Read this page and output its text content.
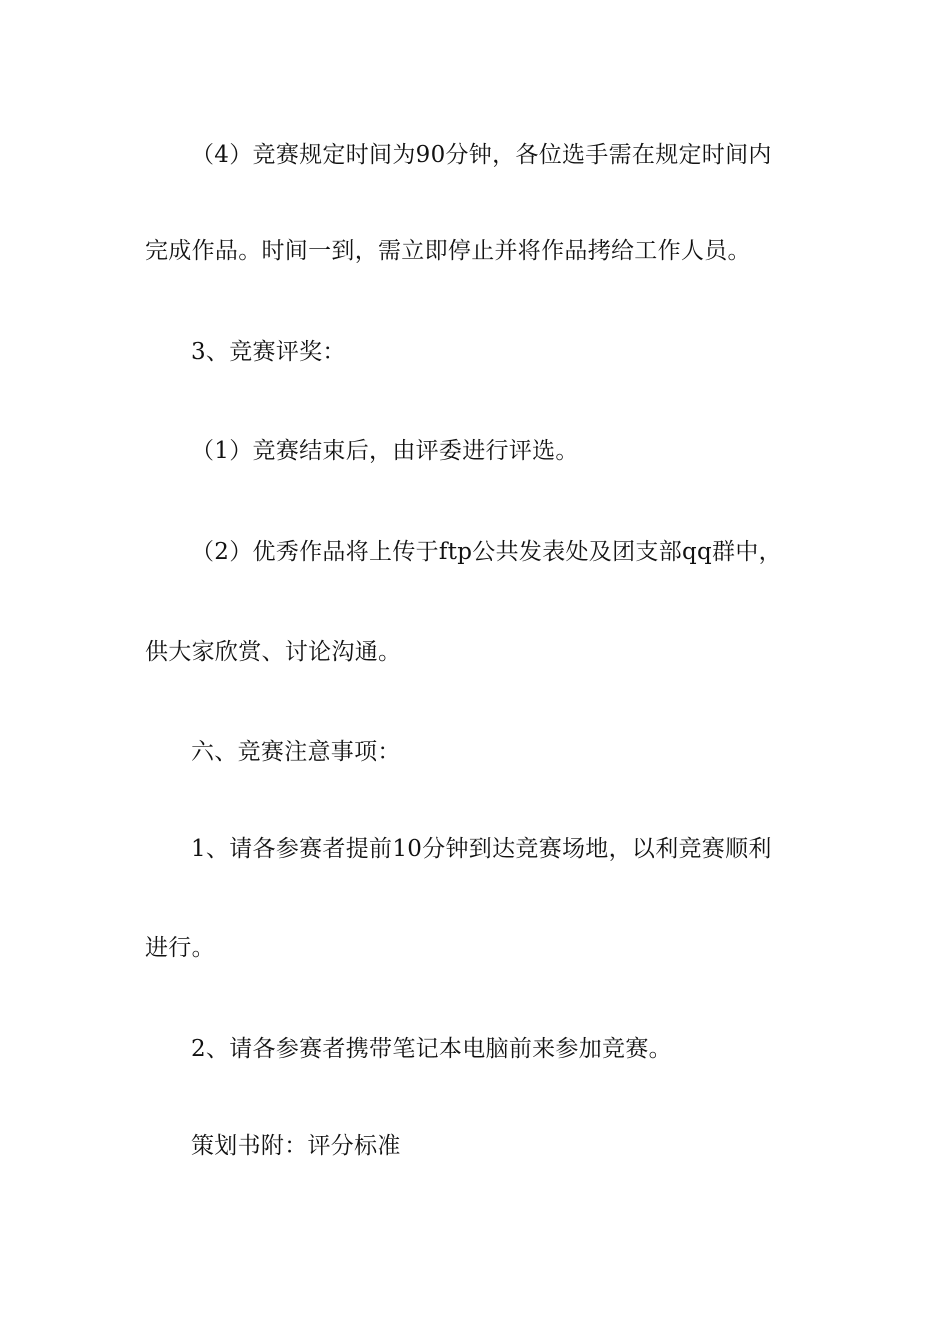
（4）竞赛规定时间为90分钟，各位选手需在规定时间内
完成作品。时间一到，需立即停止并将作品拷给工作人员。
3、竞赛评奖：
（1）竞赛结束后，由评委进行评选。
（2）优秀作品将上传于ftp公共发表处及团支部qq群中，
供大家欣赏、讨论沟通。
六、竞赛注意事项：
1、请各参赛者提前10分钟到达竞赛场地，以利竞赛顺利
进行。
2、请各参赛者携带笔记本电脑前来参加竞赛。
策划书附：评分标准
